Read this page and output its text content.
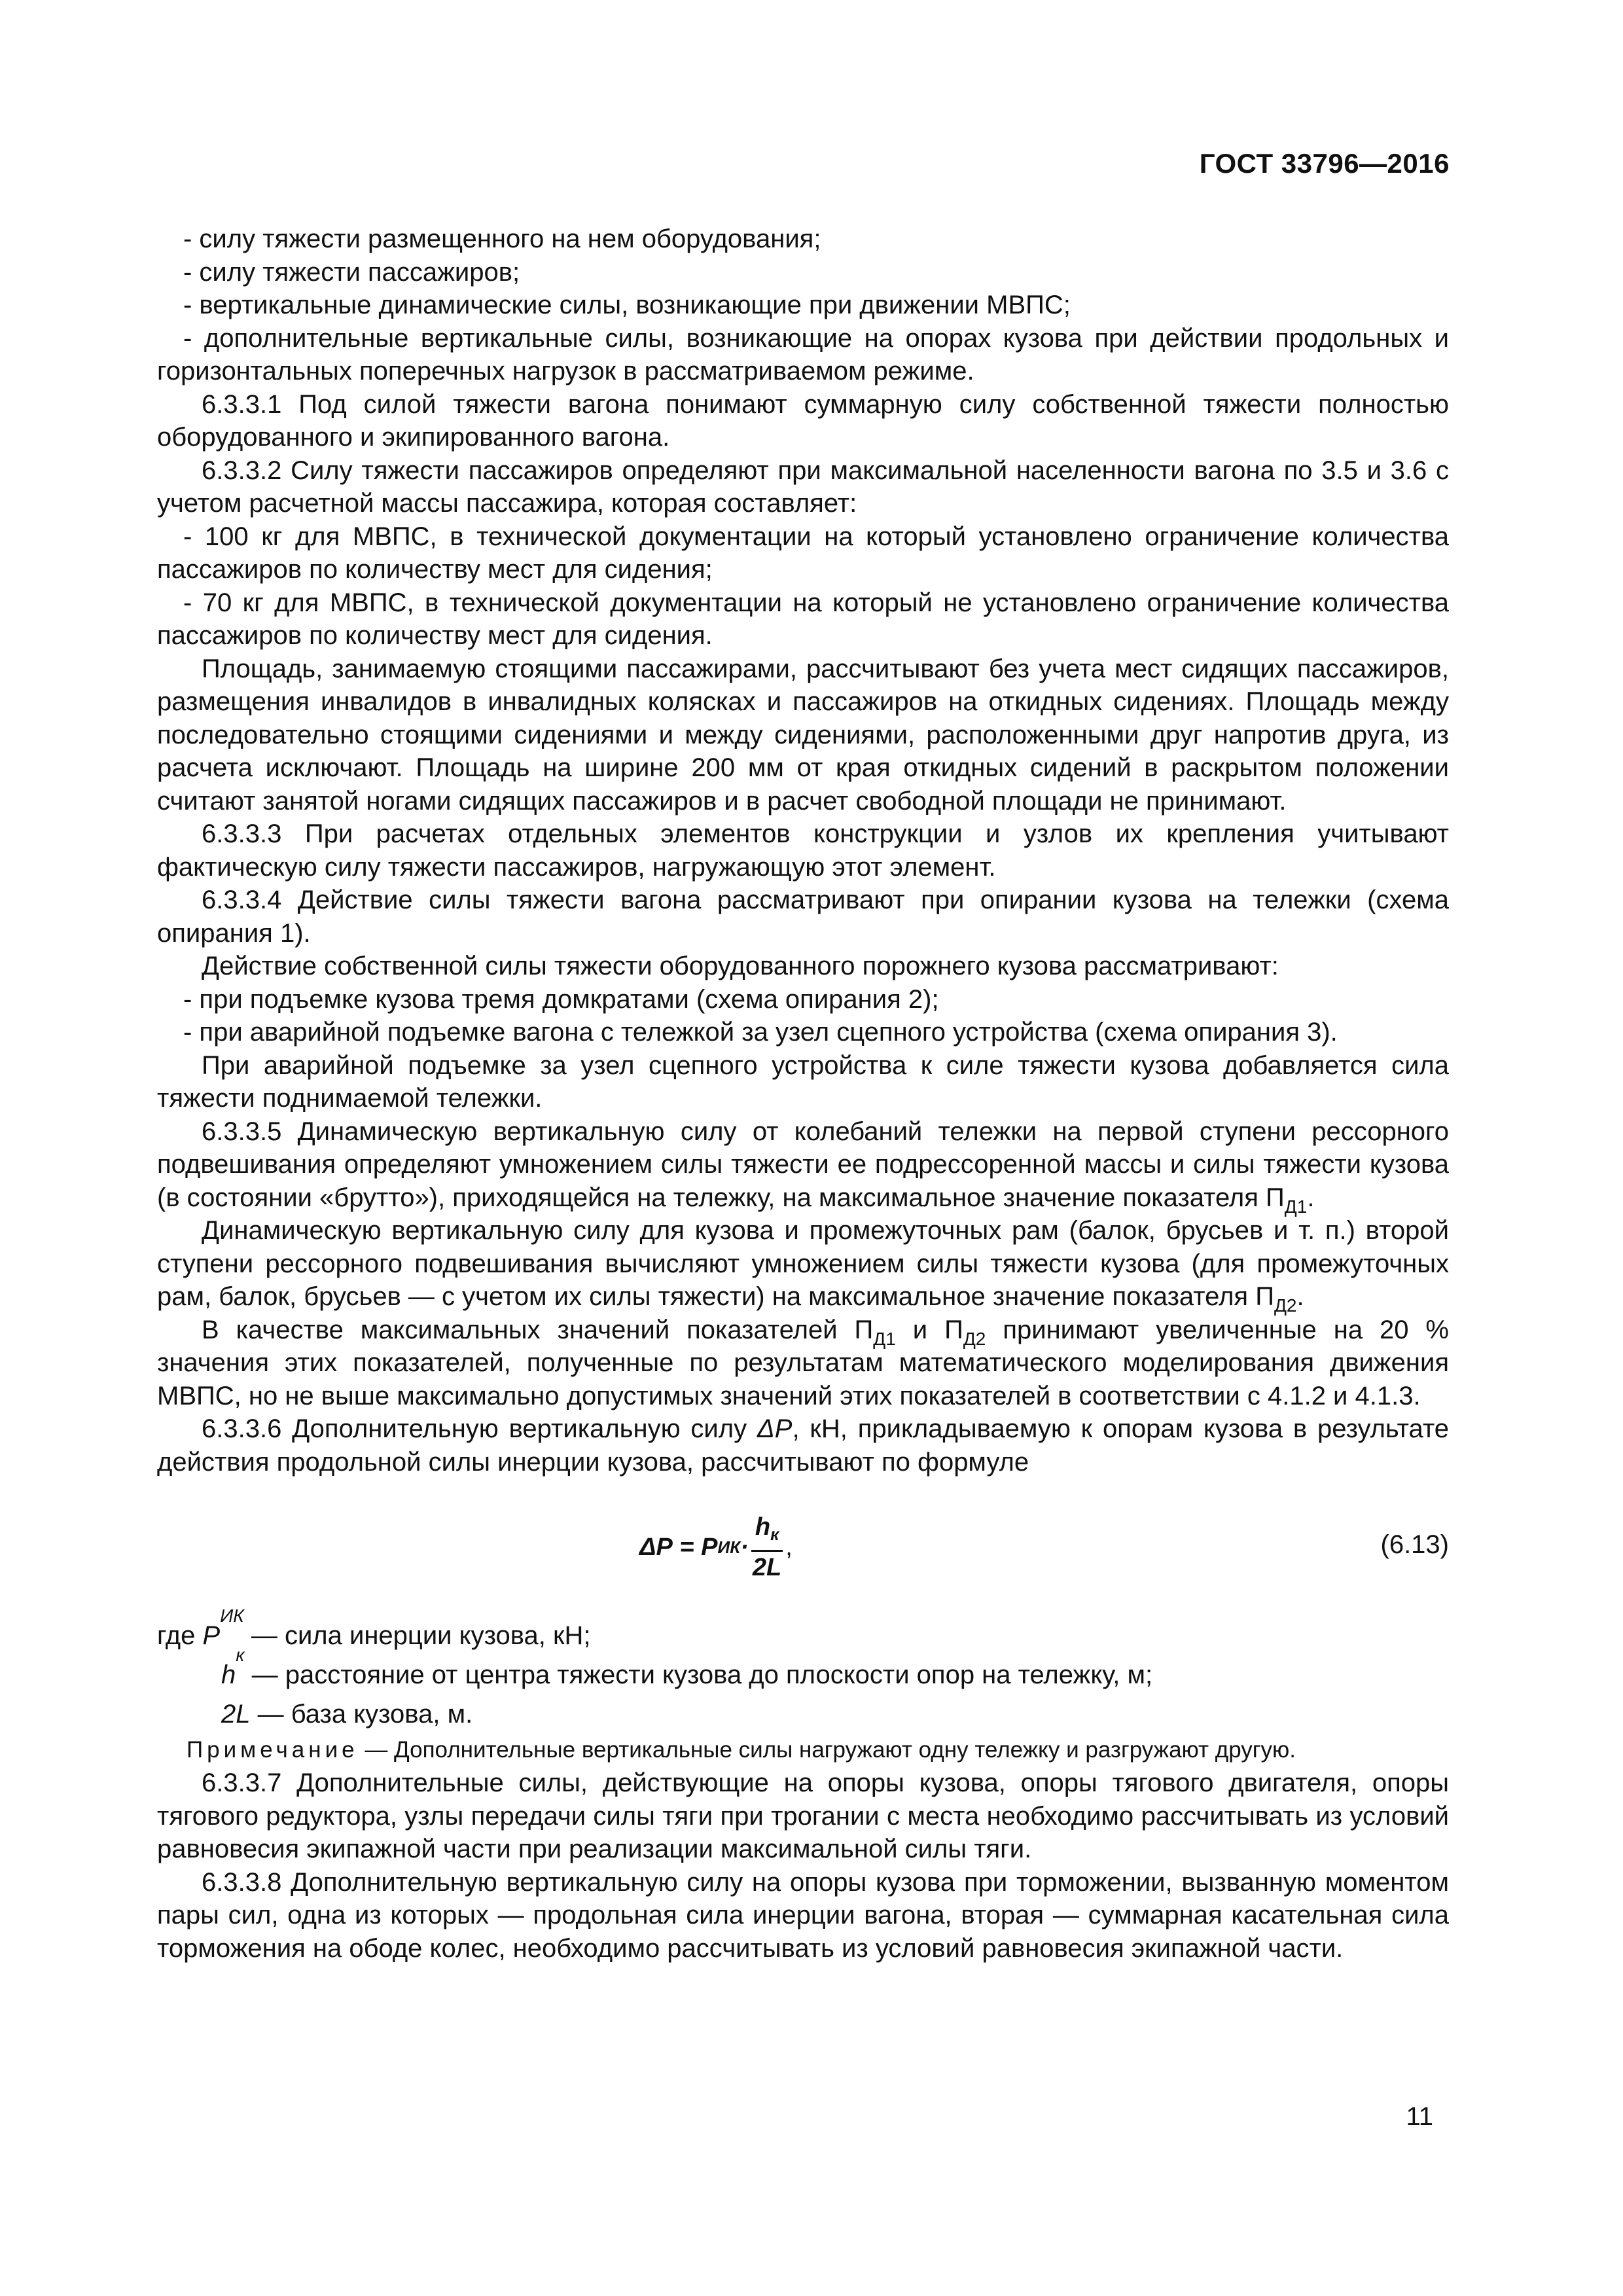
ГОСТ 33796—2016

- силу тяжести размещенного на нем оборудования;

- силу тяжести пассажиров;

- вертикальные динамические силы, возникающие при движении МВПС;

- дополнительные вертикальные силы, возникающие на опорах кузова при действии продольных и горизонтальных поперечных нагрузок в рассматриваемом режиме.

6.3.3.1 Под силой тяжести вагона понимают суммарную силу собственной тяжести полностью оборудованного и экипированного вагона.

6.3.3.2 Силу тяжести пассажиров определяют при максимальной населенности вагона по 3.5 и 3.6 с учетом расчетной массы пассажира, которая составляет:

- 100 кг для МВПС, в технической документации на который установлено ограничение количества пассажиров по количеству мест для сидения;

- 70 кг для МВПС, в технической документации на который не установлено ограничение количества пассажиров по количеству мест для сидения.

Площадь, занимаемую стоящими пассажирами, рассчитывают без учета мест сидящих пассажиров, размещения инвалидов в инвалидных колясках и пассажиров на откидных сидениях. Площадь между последовательно стоящими сидениями и между сидениями, расположенными друг напротив друга, из расчета исключают. Площадь на ширине 200 мм от края откидных сидений в раскрытом положении считают занятой ногами сидящих пассажиров и в расчет свободной площади не принимают.

6.3.3.3 При расчетах отдельных элементов конструкции и узлов их крепления учитывают фактическую силу тяжести пассажиров, нагружающую этот элемент.

6.3.3.4 Действие силы тяжести вагона рассматривают при опирании кузова на тележки (схема опирания 1).

Действие собственной силы тяжести оборудованного порожнего кузова рассматривают:

- при подъемке кузова тремя домкратами (схема опирания 2);

- при аварийной подъемке вагона с тележкой за узел сцепного устройства (схема опирания 3).

При аварийной подъемке за узел сцепного устройства к силе тяжести кузова добавляется сила тяжести поднимаемой тележки.

6.3.3.5 Динамическую вертикальную силу от колебаний тележки на первой ступени рессорного подвешивания определяют умножением силы тяжести ее подрессоренной массы и силы тяжести кузова (в состоянии «брутто»), приходящейся на тележку, на максимальное значение показателя $П_{Д1}$.

Динамическую вертикальную силу для кузова и промежуточных рам (балок, брусьев и т. п.) второй ступени рессорного подвешивания вычисляют умножением силы тяжести кузова (для промежуточных рам, балок, брусьев — с учетом их силы тяжести) на максимальное значение показателя $П_{Д2}$.

В качестве максимальных значений показателей $П_{Д1}$ и $П_{Д2}$ принимают увеличенные на 20 % значения этих показателей, полученные по результатам математического моделирования движения МВПС, но не выше максимально допустимых значений этих показателей в соответствии с 4.1.2 и 4.1.3.

6.3.3.6 Дополнительную вертикальную силу ΔP, кН, прикладываемую к опорам кузова в результате действия продольной силы инерции кузова, рассчитывают по формуле

ΔP = P ИК · $\frac{h_к}{2L}$ ,	(6.13)
где P
ИК
— сила инерции кузова, кН;
h
к
— расстояние от центра тяжести кузова до плоскости опор на тележку, м;
2L — база кузова, м.

Примечание — Дополнительные вертикальные силы нагружают одну тележку и разгружают другую.

6.3.3.7 Дополнительные силы, действующие на опоры кузова, опоры тягового двигателя, опоры тягового редуктора, узлы передачи силы тяги при трогании с места необходимо рассчитывать из условий равновесия экипажной части при реализации максимальной силы тяги.

6.3.3.8 Дополнительную вертикальную силу на опоры кузова при торможении, вызванную моментом пары сил, одна из которых — продольная сила инерции вагона, вторая — суммарная касательная сила торможения на ободе колес, необходимо рассчитывать из условий равновесия экипажной части.

11
